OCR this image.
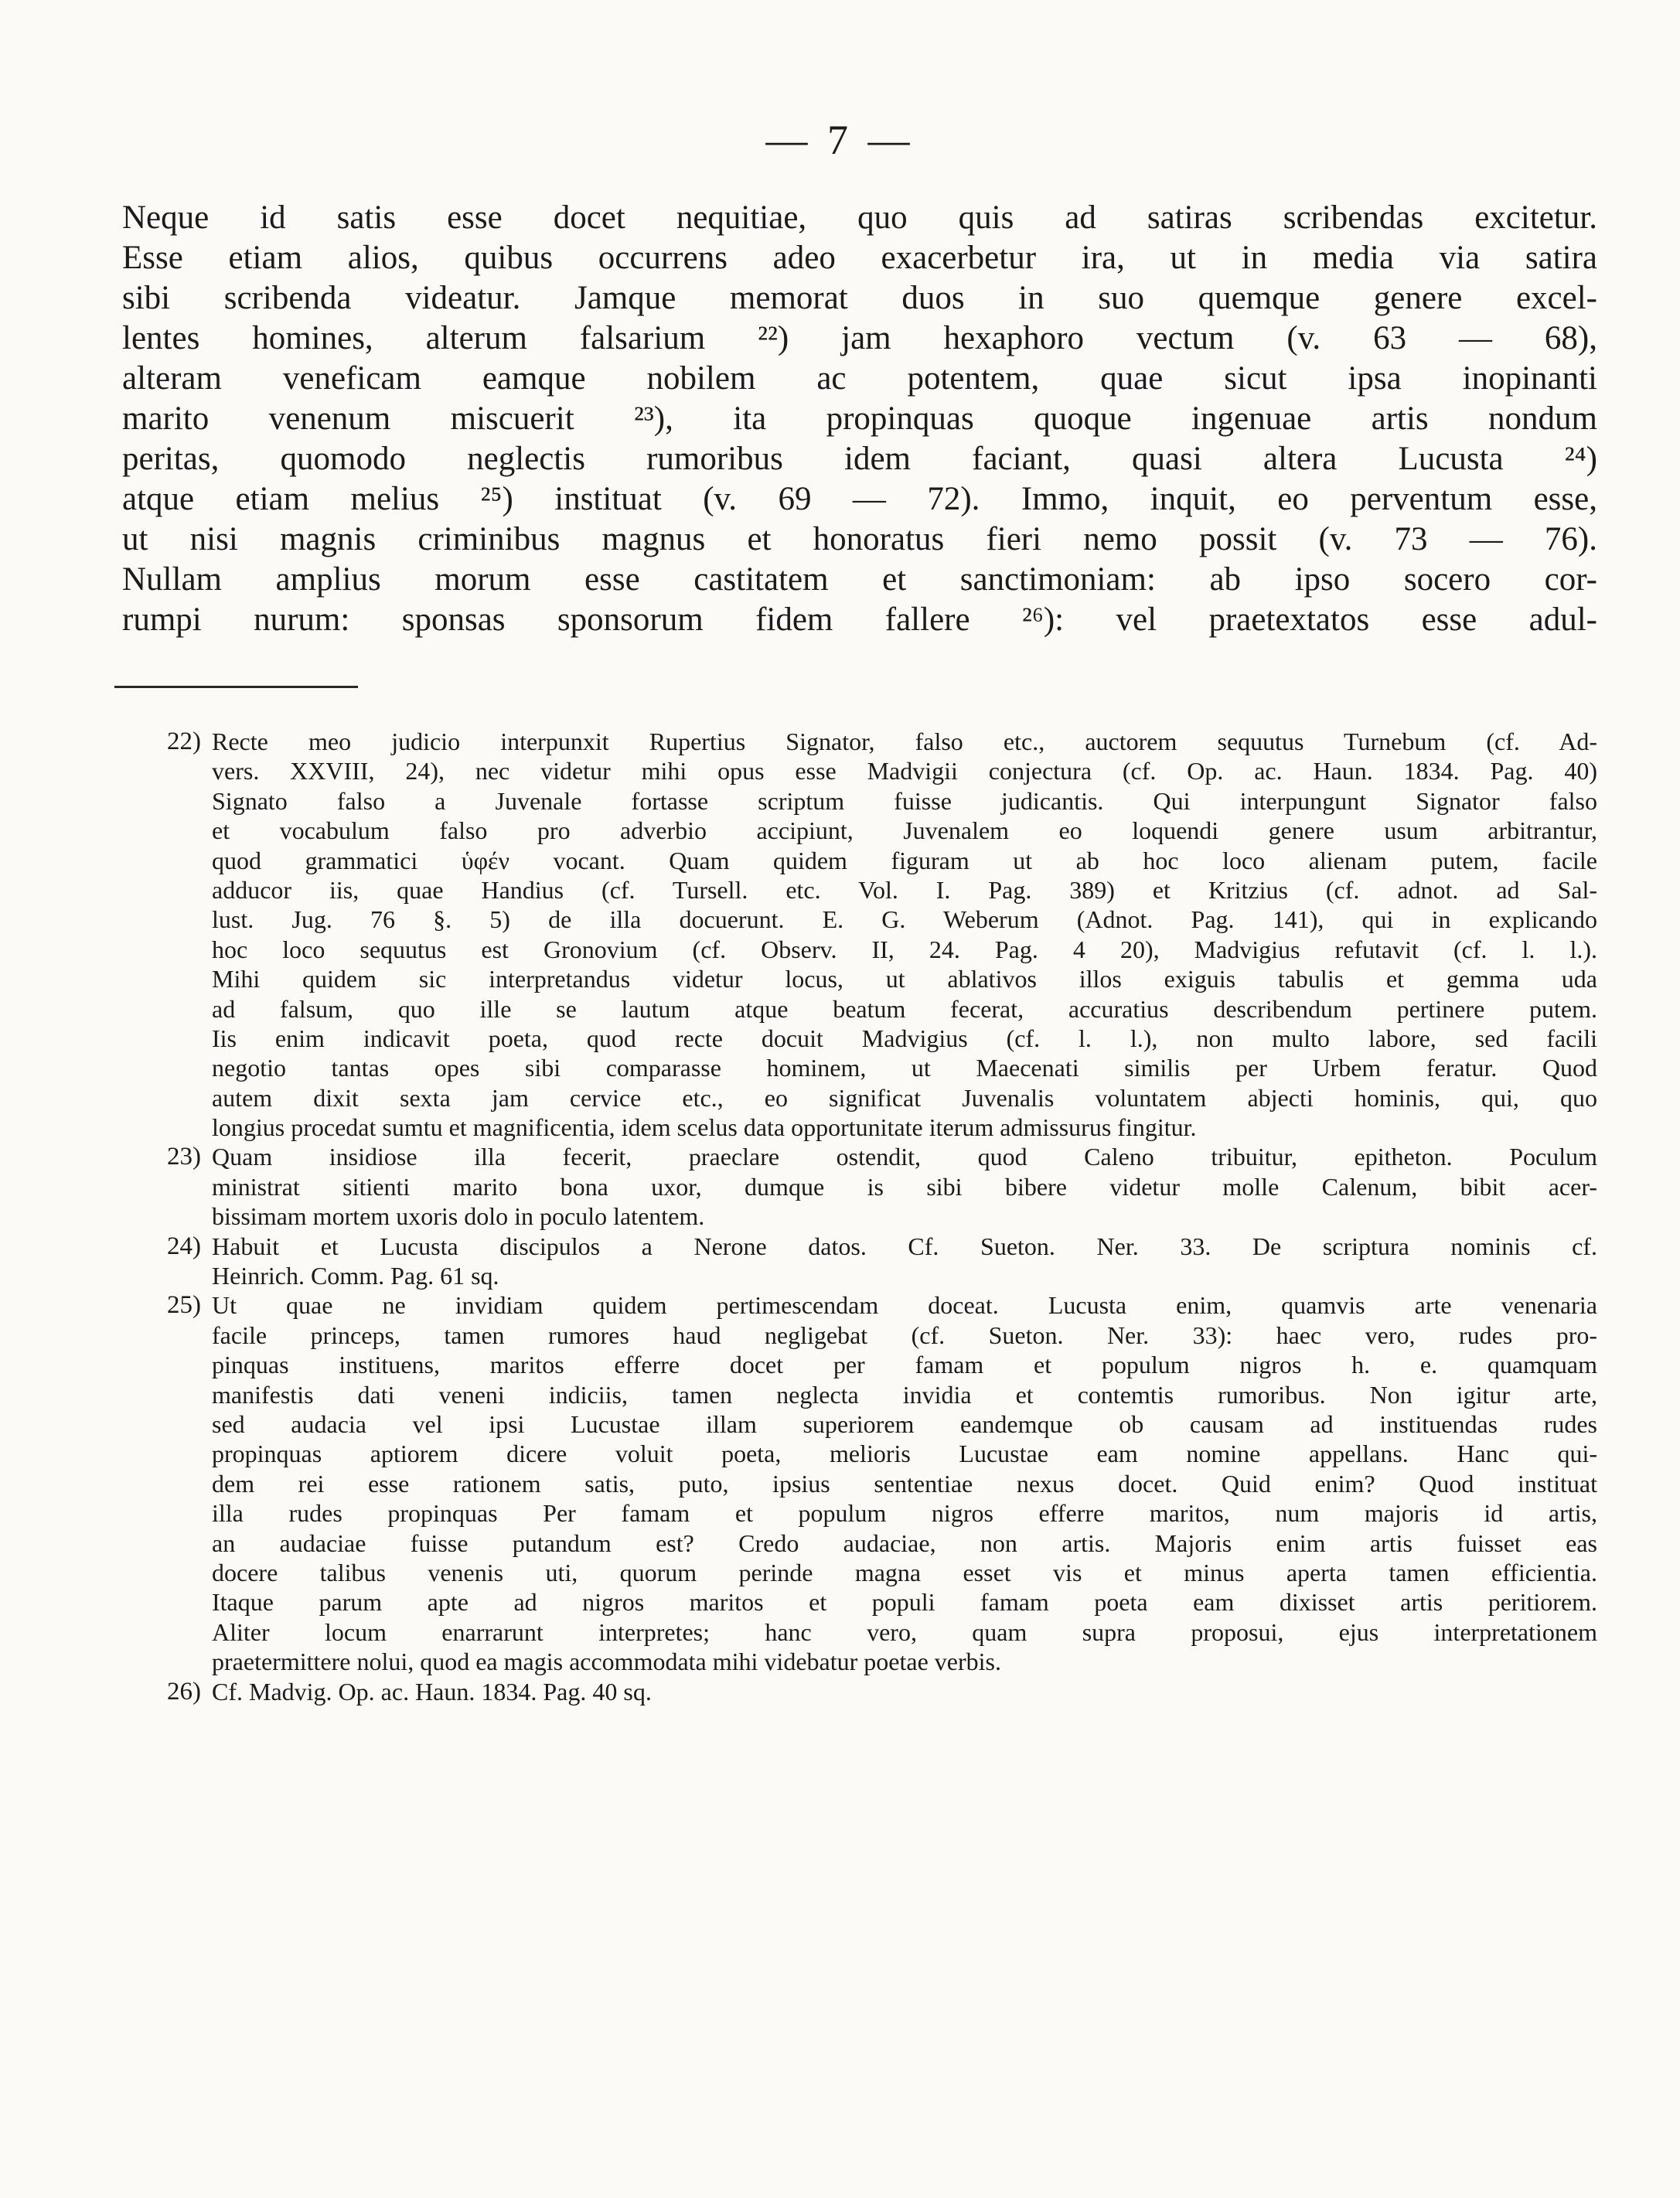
— 7 —
Neque id satis esse docet nequitiae, quo quis ad satiras scribendas excitetur.
Esse etiam alios, quibus occurrens adeo exacerbetur ira, ut in media via satira
sibi scribenda videatur. Jamque memorat duos in suo quemque genere excel-
lentes homines, alterum falsarium ²²) jam hexaphoro vectum (v. 63 — 68),
alteram veneficam eamque nobilem ac potentem, quae sicut ipsa inopinanti
marito venenum miscuerit ²³), ita propinquas quoque ingenuae artis nondum
peritas, quomodo neglectis rumoribus idem faciant, quasi altera Lucusta ²⁴)
atque etiam melius ²⁵) instituat (v. 69 — 72). Immo, inquit, eo perventum esse,
ut nisi magnis criminibus magnus et honoratus fieri nemo possit (v. 73 — 76).
Nullam amplius morum esse castitatem et sanctimoniam: ab ipso socero cor-
rumpi nurum: sponsas sponsorum fidem fallere ²⁶): vel praetextatos esse adul-
22) Recte meo judicio interpunxit Rupertius Signator, falso etc., auctorem sequutus Turnebum (cf. Ad-
vers. XXVIII, 24), nec videtur mihi opus esse Madvigii conjectura (cf. Op. ac. Haun. 1834. Pag. 40)
Signato falso a Juvenale fortasse scriptum fuisse judicantis. Qui interpungunt Signator falso
et vocabulum falso pro adverbio accipiunt, Juvenalem eo loquendi genere usum arbitrantur,
quod grammatici ὑφέν vocant. Quam quidem figuram ut ab hoc loco alienam putem, facile
adducor iis, quae Handius (cf. Tursell. etc. Vol. I. Pag. 389) et Kritzius (cf. adnot. ad Sal-
lust. Jug. 76 §. 5) de illa docuerunt. E. G. Weberum (Adnot. Pag. 141), qui in explicando
hoc loco sequutus est Gronovium (cf. Observ. II, 24. Pag. 4 20), Madvigius refutavit (cf. l. l.).
Mihi quidem sic interpretandus videtur locus, ut ablativos illos exiguis tabulis et gemma uda
ad falsum, quo ille se lautum atque beatum fecerat, accuratius describendum pertinere putem.
Iis enim indicavit poeta, quod recte docuit Madvigius (cf. l. l.), non multo labore, sed facili
negotio tantas opes sibi comparasse hominem, ut Maecenati similis per Urbem feratur. Quod
autem dixit sexta jam cervice etc., eo significat Juvenalis voluntatem abjecti hominis, qui, quo
longius procedat sumtu et magnificentia, idem scelus data opportunitate iterum admissurus fingitur.
23) Quam insidiose illa fecerit, praeclare ostendit, quod Caleno tribuitur, epitheton. Poculum
ministrat sitienti marito bona uxor, dumque is sibi bibere videtur molle Calenum, bibit acer-
bissimam mortem uxoris dolo in poculo latentem.
24) Habuit et Lucusta discipulos a Nerone datos. Cf. Sueton. Ner. 33. De scriptura nominis cf.
Heinrich. Comm. Pag. 61 sq.
25) Ut quae ne invidiam quidem pertimescendam doceat. Lucusta enim, quamvis arte venenaria
facile princeps, tamen rumores haud negligebat (cf. Sueton. Ner. 33): haec vero, rudes pro-
pinquas instituens, maritos efferre docet per famam et populum nigros h. e. quamquam
manifestis dati veneni indiciis, tamen neglecta invidia et contemtis rumoribus. Non igitur arte,
sed audacia vel ipsi Lucustae illam superiorem eandemque ob causam ad instituendas rudes
propinquas aptiorem dicere voluit poeta, melioris Lucustae eam nomine appellans. Hanc qui-
dem rei esse rationem satis, puto, ipsius sententiae nexus docet. Quid enim? Quod instituat
illa rudes propinquas Per famam et populum nigros efferre maritos, num majoris id artis,
an audaciae fuisse putandum est? Credo audaciae, non artis. Majoris enim artis fuisset eas
docere talibus venenis uti, quorum perinde magna esset vis et minus aperta tamen efficientia.
Itaque parum apte ad nigros maritos et populi famam poeta eam dixisset artis peritiorem.
Aliter locum enarrarunt interpretes; hanc vero, quam supra proposui, ejus interpretationem
praetermittere nolui, quod ea magis accommodata mihi videbatur poetae verbis.
26) Cf. Madvig. Op. ac. Haun. 1834. Pag. 40 sq.
